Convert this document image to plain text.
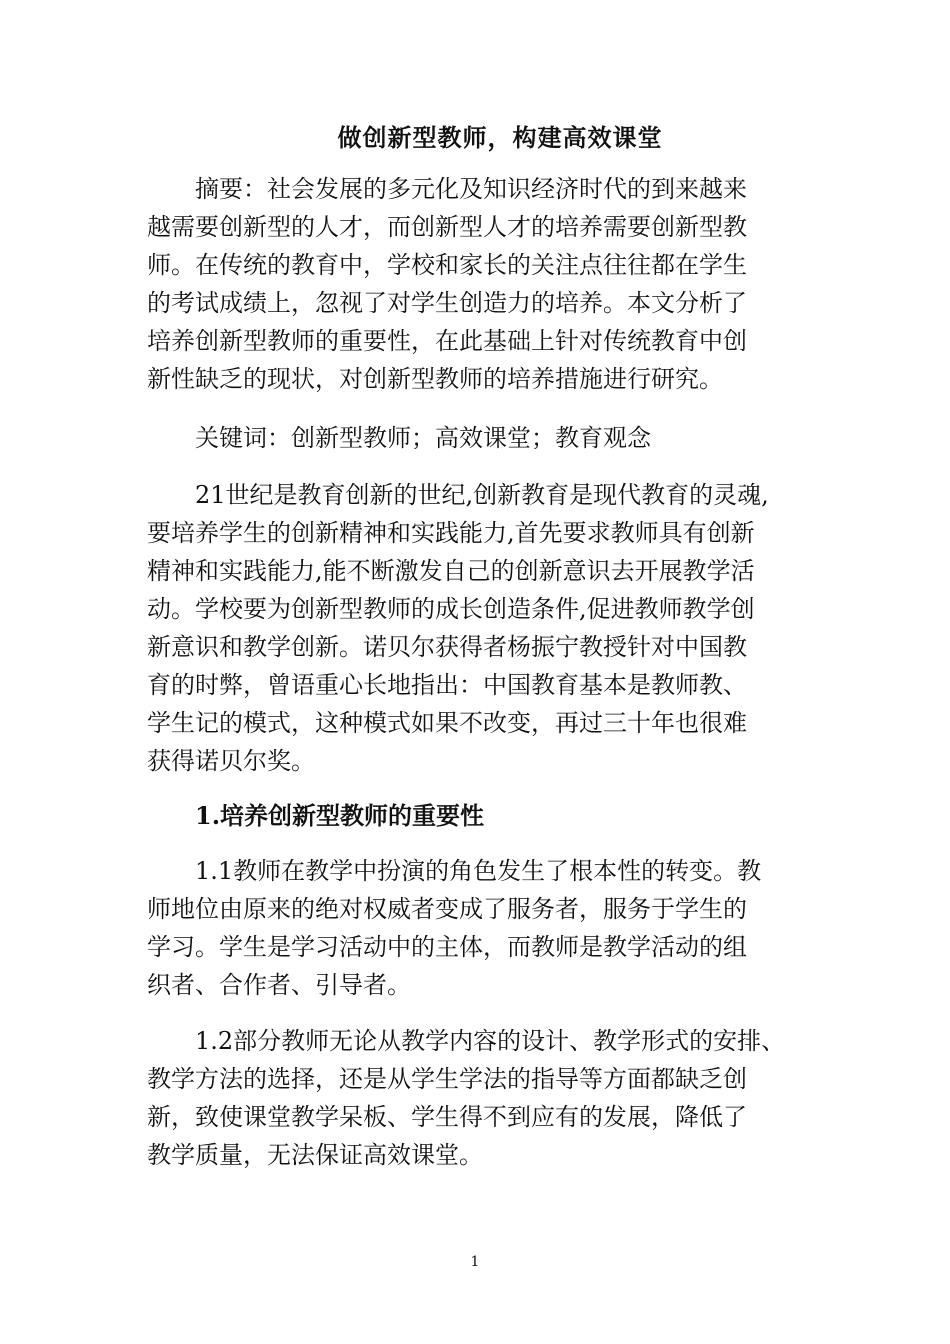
做创新型教师，构建高效课堂
摘要：社会发展的多元化及知识经济时代的到来越来
越需要创新型的人才，而创新型人才的培养需要创新型教
师。在传统的教育中，学校和家长的关注点往往都在学生
的考试成绩上，忽视了对学生创造力的培养。本文分析了
培养创新型教师的重要性，在此基础上针对传统教育中创
新性缺乏的现状，对创新型教师的培养措施进行研究。
关键词：创新型教师；高效课堂；教育观念
21世纪是教育创新的世纪,创新教育是现代教育的灵魂,
要培养学生的创新精神和实践能力,首先要求教师具有创新
精神和实践能力,能不断激发自己的创新意识去开展教学活
动。学校要为创新型教师的成长创造条件,促进教师教学创
新意识和教学创新。诺贝尔获得者杨振宁教授针对中国教
育的时弊，曾语重心长地指出：中国教育基本是教师教、
学生记的模式，这种模式如果不改变，再过三十年也很难
获得诺贝尔奖。
1.培养创新型教师的重要性
1.1教师在教学中扮演的角色发生了根本性的转变。教
师地位由原来的绝对权威者变成了服务者，服务于学生的
学习。学生是学习活动中的主体，而教师是教学活动的组
织者、合作者、引导者。
1.2部分教师无论从教学内容的设计、教学形式的安排、
教学方法的选择，还是从学生学法的指导等方面都缺乏创
新，致使课堂教学呆板、学生得不到应有的发展，降低了
教学质量，无法保证高效课堂。
1
